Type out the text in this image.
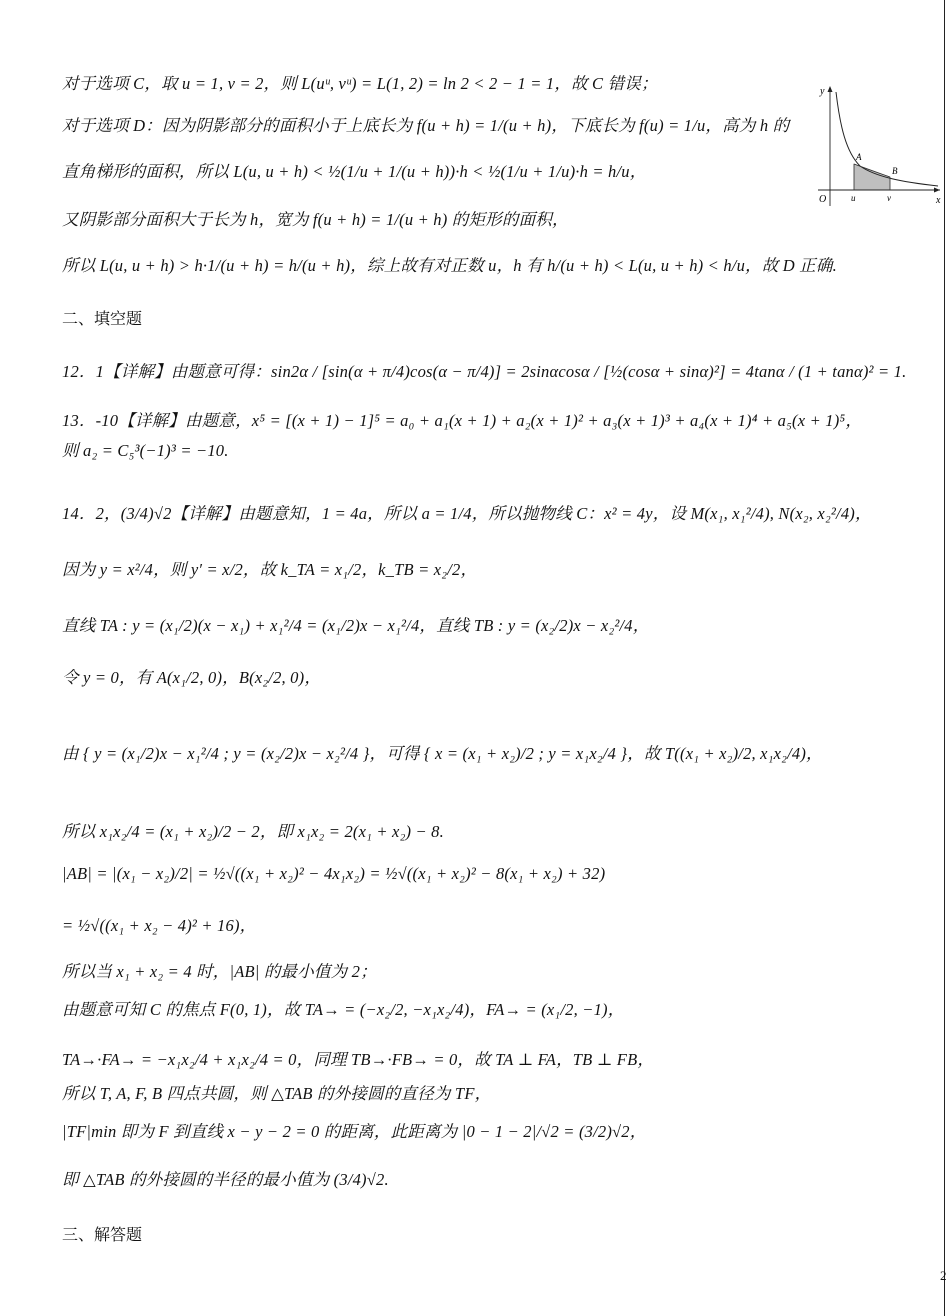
对于选项 C，取 u = 1, v = 2，则 L(uᵘ, vᵘ) = L(1, 2) = ln 2 < 2 − 1 = 1，故 C 错误；
对于选项 D：因为阴影部分的面积小于上底长为 f(u + h) = 1/(u + h)，下底长为 f(u) = 1/u，高为 h 的
直角梯形的面积，所以 L(u, u + h) < ½(1/u + 1/(u + h))·h < ½(1/u + 1/u)·h = h/u，
又阴影部分面积大于长为 h，宽为 f(u + h) = 1/(u + h) 的矩形的面积，
所以 L(u, u + h) > h·1/(u + h) = h/(u + h)，综上故有对正数 u，h 有 h/(u + h) < L(u, u + h) < h/u，故 D 正确.
二、填空题
12．1【详解】由题意可得：sin2α / [sin(α + π/4)cos(α − π/4)] = 2sinαcosα / [½(cosα + sinα)²] = 4tanα / (1 + tanα)² = 1.
13．-10【详解】由题意，x⁵ = [(x + 1) − 1]⁵ = a₀ + a₁(x + 1) + a₂(x + 1)² + a₃(x + 1)³ + a₄(x + 1)⁴ + a₅(x + 1)⁵，
则 a₂ = C₅³(−1)³ = −10.
14．2，(3/4)√2【详解】由题意知，1 = 4a，所以 a = 1/4，所以抛物线 C：x² = 4y，设 M(x₁, x₁²/4), N(x₂, x₂²/4)，
因为 y = x²/4，则 y′ = x/2，故 k_TA = x₁/2，k_TB = x₂/2，
直线 TA : y = (x₁/2)(x − x₁) + x₁²/4 = (x₁/2)x − x₁²/4，直线 TB : y = (x₂/2)x − x₂²/4，
令 y = 0，有 A(x₁/2, 0)，B(x₂/2, 0)，
由 { y = (x₁/2)x − x₁²/4 ; y = (x₂/2)x − x₂²/4 }，可得 { x = (x₁ + x₂)/2 ; y = x₁x₂/4 }，故 T((x₁ + x₂)/2, x₁x₂/4)，
所以 x₁x₂/4 = (x₁ + x₂)/2 − 2，即 x₁x₂ = 2(x₁ + x₂) − 8.
|AB| = |(x₁ − x₂)/2| = ½√((x₁ + x₂)² − 4x₁x₂) = ½√((x₁ + x₂)² − 8(x₁ + x₂) + 32)
= ½√((x₁ + x₂ − 4)² + 16)，
所以当 x₁ + x₂ = 4 时，|AB| 的最小值为 2；
由题意可知 C 的焦点 F(0, 1)，故 TA→ = (−x₂/2, −x₁x₂/4)，FA→ = (x₁/2, −1)，
TA→·FA→ = −x₁x₂/4 + x₁x₂/4 = 0，同理 TB→·FB→ = 0，故 TA ⊥ FA，TB ⊥ FB，
所以 T, A, F, B 四点共圆，则 △TAB 的外接圆的直径为 TF，
|TF|min 即为 F 到直线 x − y − 2 = 0 的距离，此距离为 |0 − 1 − 2|/√2 = (3/2)√2，
即 △TAB 的外接圆的半径的最小值为 (3/4)√2.
三、解答题
y
x
O	u	v
A
B
2
